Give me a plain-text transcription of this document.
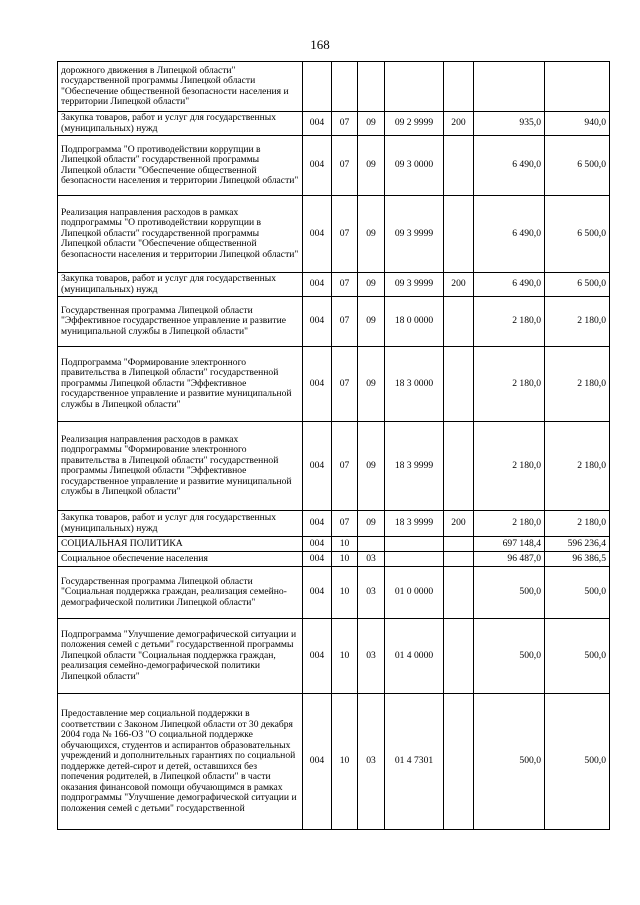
168
дорожного движения в Липецкой области" государственной программы Липецкой области "Обеспечение общественной безопасности населения и территории Липецкой области"							
Закупка товаров, работ и услуг для государственных (муниципальных) нужд	004	07	09	09 2 9999	200	935,0	940,0
Подпрограмма "О противодействии коррупции в Липецкой области" государственной программы Липецкой области "Обеспечение общественной безопасности населения и территории Липецкой области"	004	07	09	09 3 0000		6 490,0	6 500,0
Реализация направления расходов в рамках подпрограммы "О противодействии коррупции в Липецкой области" государственной программы Липецкой области "Обеспечение общественной безопасности населения и территории Липецкой области"	004	07	09	09 3 9999		6 490,0	6 500,0
Закупка товаров, работ и услуг для государственных (муниципальных) нужд	004	07	09	09 3 9999	200	6 490,0	6 500,0
Государственная программа Липецкой области "Эффективное государственное управление и развитие муниципальной службы в Липецкой области"	004	07	09	18 0 0000		2 180,0	2 180,0
Подпрограмма "Формирование электронного правительства в Липецкой области" государственной программы Липецкой области "Эффективное государственное управление и развитие муниципальной службы в Липецкой области"	004	07	09	18 3 0000		2 180,0	2 180,0
Реализация направления расходов в рамках подпрограммы "Формирование электронного правительства в Липецкой области" государственной программы Липецкой области "Эффективное государственное управление и развитие муниципальной службы в Липецкой области"	004	07	09	18 3 9999		2 180,0	2 180,0
Закупка товаров, работ и услуг для государственных (муниципальных) нужд	004	07	09	18 3 9999	200	2 180,0	2 180,0
СОЦИАЛЬНАЯ ПОЛИТИКА	004	10				697 148,4	596 236,4
Социальное обеспечение населения	004	10	03			96 487,0	96 386,5
Государственная программа Липецкой области "Социальная поддержка граждан, реализация семейно-демографической политики Липецкой области"	004	10	03	01 0 0000		500,0	500,0
Подпрограмма "Улучшение демографической ситуации и положения семей с детьми" государственной программы Липецкой области "Социальная поддержка граждан, реализация семейно-демографической политики Липецкой области"	004	10	03	01 4 0000		500,0	500,0
Предоставление мер социальной поддержки в соответствии с Законом Липецкой области от 30 декабря 2004 года № 166-ОЗ "О социальной поддержке обучающихся, студентов и аспирантов образовательных учреждений и дополнительных гарантиях по социальной поддержке детей-сирот и детей, оставшихся без попечения родителей, в Липецкой области" в части оказания финансовой помощи обучающимся в рамках подпрограммы "Улучшение демографической ситуации и положения семей с детьми" государственной	004	10	03	01 4 7301		500,0	500,0
